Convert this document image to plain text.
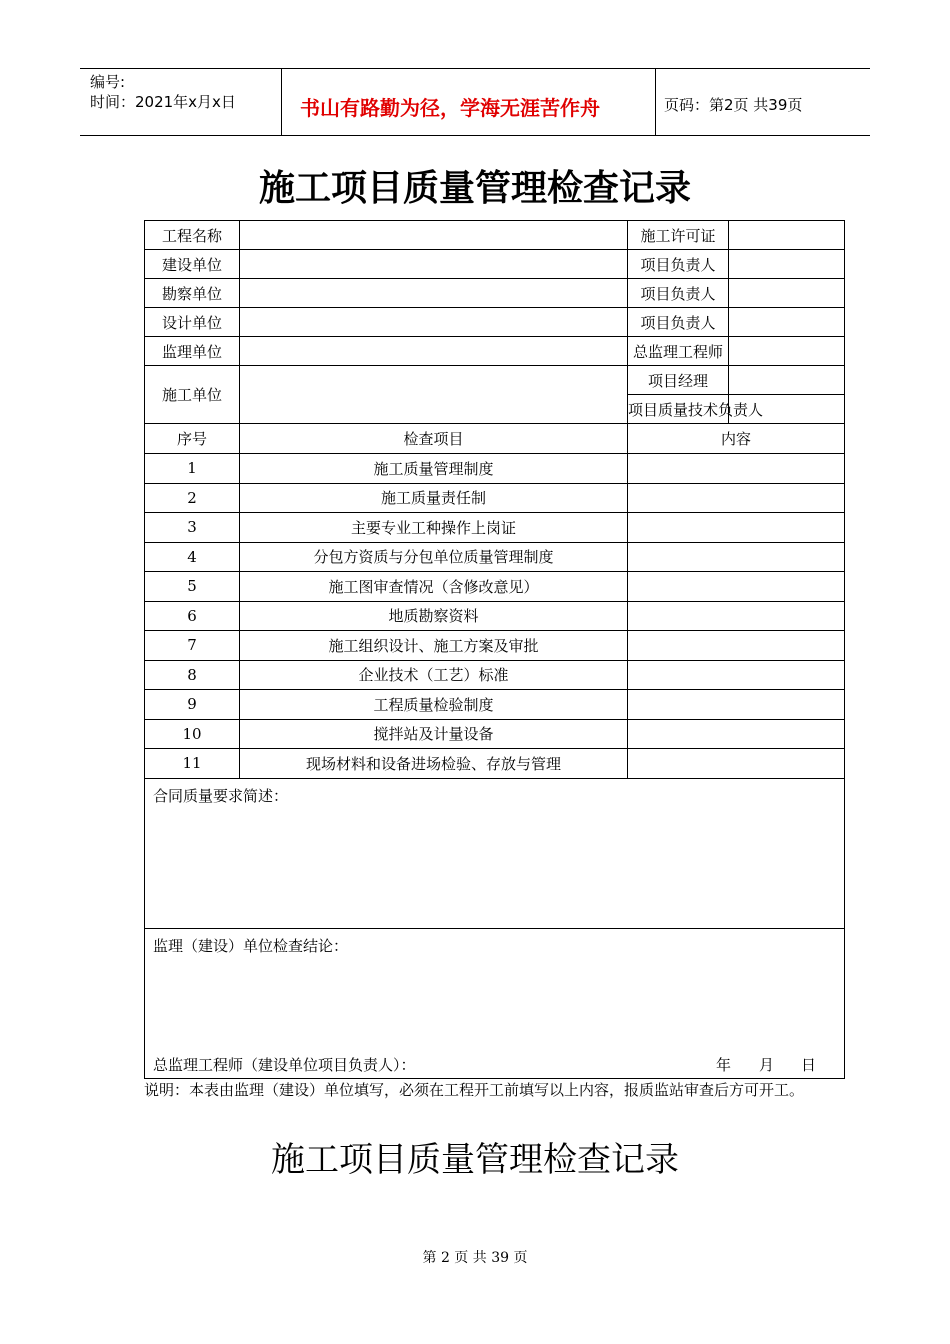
编号:
时间：2021年x月x日	书山有路勤为径，学海无涯苦作舟	页码：第2页 共39页
施工项目质量管理检查记录
工程名称		施工许可证	
建设单位		项目负责人	
勘察单位		项目负责人	
设计单位		项目负责人	
监理单位		总监理工程师	
施工单位		项目经理	
		项目质量技术负责人	
序号	检查项目	内容	
1	施工质量管理制度		
2	施工质量责任制		
3	主要专业工种操作上岗证		
4	分包方资质与分包单位质量管理制度		
5	施工图审查情况（含修改意见）		
6	地质勘察资料		
7	施工组织设计、施工方案及审批		
8	企业技术（工艺）标准		
9	工程质量检验制度		
10	搅拌站及计量设备		
11	现场材料和设备进场检验、存放与管理		
合同质量要求简述：			
监理（建设）单位检查结论：
总监理工程师（建设单位项目负责人）： 年 月 日			
说明：本表由监理（建设）单位填写，必须在工程开工前填写以上内容，报质监站审查后方可开工。
施工项目质量管理检查记录
第 2 页 共 39 页
